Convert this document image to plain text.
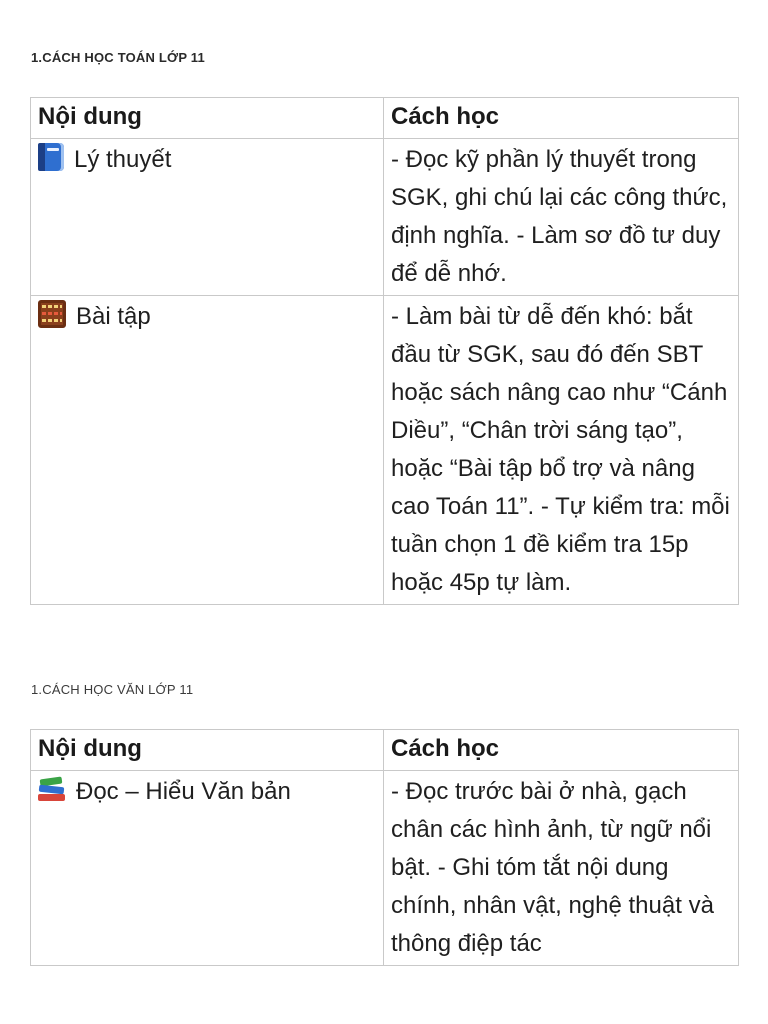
1.CÁCH HỌC TOÁN LỚP 11
Nội dung	Cách học
Lý thuyết	- Đọc kỹ phần lý thuyết trong SGK, ghi chú lại các công thức, định nghĩa. - Làm sơ đồ tư duy để dễ nhớ.

Bài tập	- Làm bài từ dễ đến khó: bắt đầu từ SGK, sau đó đến SBT hoặc sách nâng cao như “Cánh Diều”, “Chân trời sáng tạo”, hoặc “Bài tập bổ trợ và nâng cao Toán 11”. - Tự kiểm tra: mỗi tuần chọn 1 đề kiểm tra 15p hoặc 45p tự làm.
1.CÁCH HỌC VĂN LỚP 11
Nội dung	Cách học

Đọc – Hiểu Văn bản	- Đọc trước bài ở nhà, gạch chân các hình ảnh, từ ngữ nổi bật. - Ghi tóm tắt nội dung chính, nhân vật, nghệ thuật và thông điệp tác
